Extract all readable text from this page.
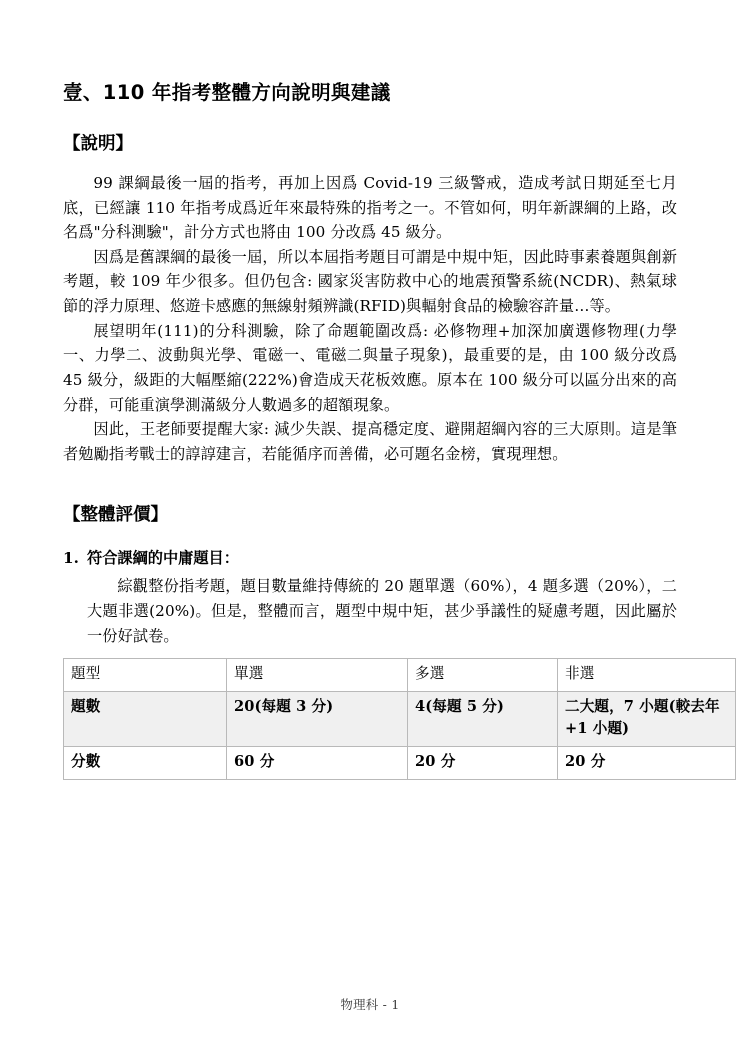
壹、110 年指考整體方向說明與建議
【說明】

99 課綱最後一屆的指考，再加上因爲 Covid-19 三級警戒，造成考試日期延至七月底，已經讓 110 年指考成爲近年來最特殊的指考之一。不管如何，明年新課綱的上路，改名爲"分科測驗"，計分方式也將由 100 分改爲 45 級分。

因爲是舊課綱的最後一屆，所以本屆指考題目可謂是中規中矩，因此時事素養題與創新考題，較 109 年少很多。但仍包含: 國家災害防救中心的地震預警系統(NCDR)、熱氣球節的浮力原理、悠遊卡感應的無線射頻辨識(RFID)與輻射食品的檢驗容許量…等。

展望明年(111)的分科測驗，除了命題範圍改爲: 必修物理+加深加廣選修物理(力學一、力學二、波動與光學、電磁一、電磁二與量子現象)，最重要的是，由 100 級分改爲 45 級分，級距的大幅壓縮(222%)會造成天花板效應。原本在 100 級分可以區分出來的高分群，可能重演學測滿級分人數過多的超額現象。

因此，王老師要提醒大家: 減少失誤、提高穩定度、避開超綱內容的三大原則。這是筆者勉勵指考戰士的諄諄建言，若能循序而善備，必可題名金榜，實現理想。

【整體評價】
1. 符合課綱的中庸題目：

綜觀整份指考題，題目數量維持傳統的 20 題單選（60%），4 題多選（20%），二大題非選(20%)。但是，整體而言，題型中規中矩，甚少爭議性的疑慮考題，因此屬於一份好試卷。

題型	單選	多選	非選
題數	20(每題 3 分)	4(每題 5 分)	二大題，7 小題(較去年+1 小題)
分數	60 分	20 分	20 分
物理科 - 1
